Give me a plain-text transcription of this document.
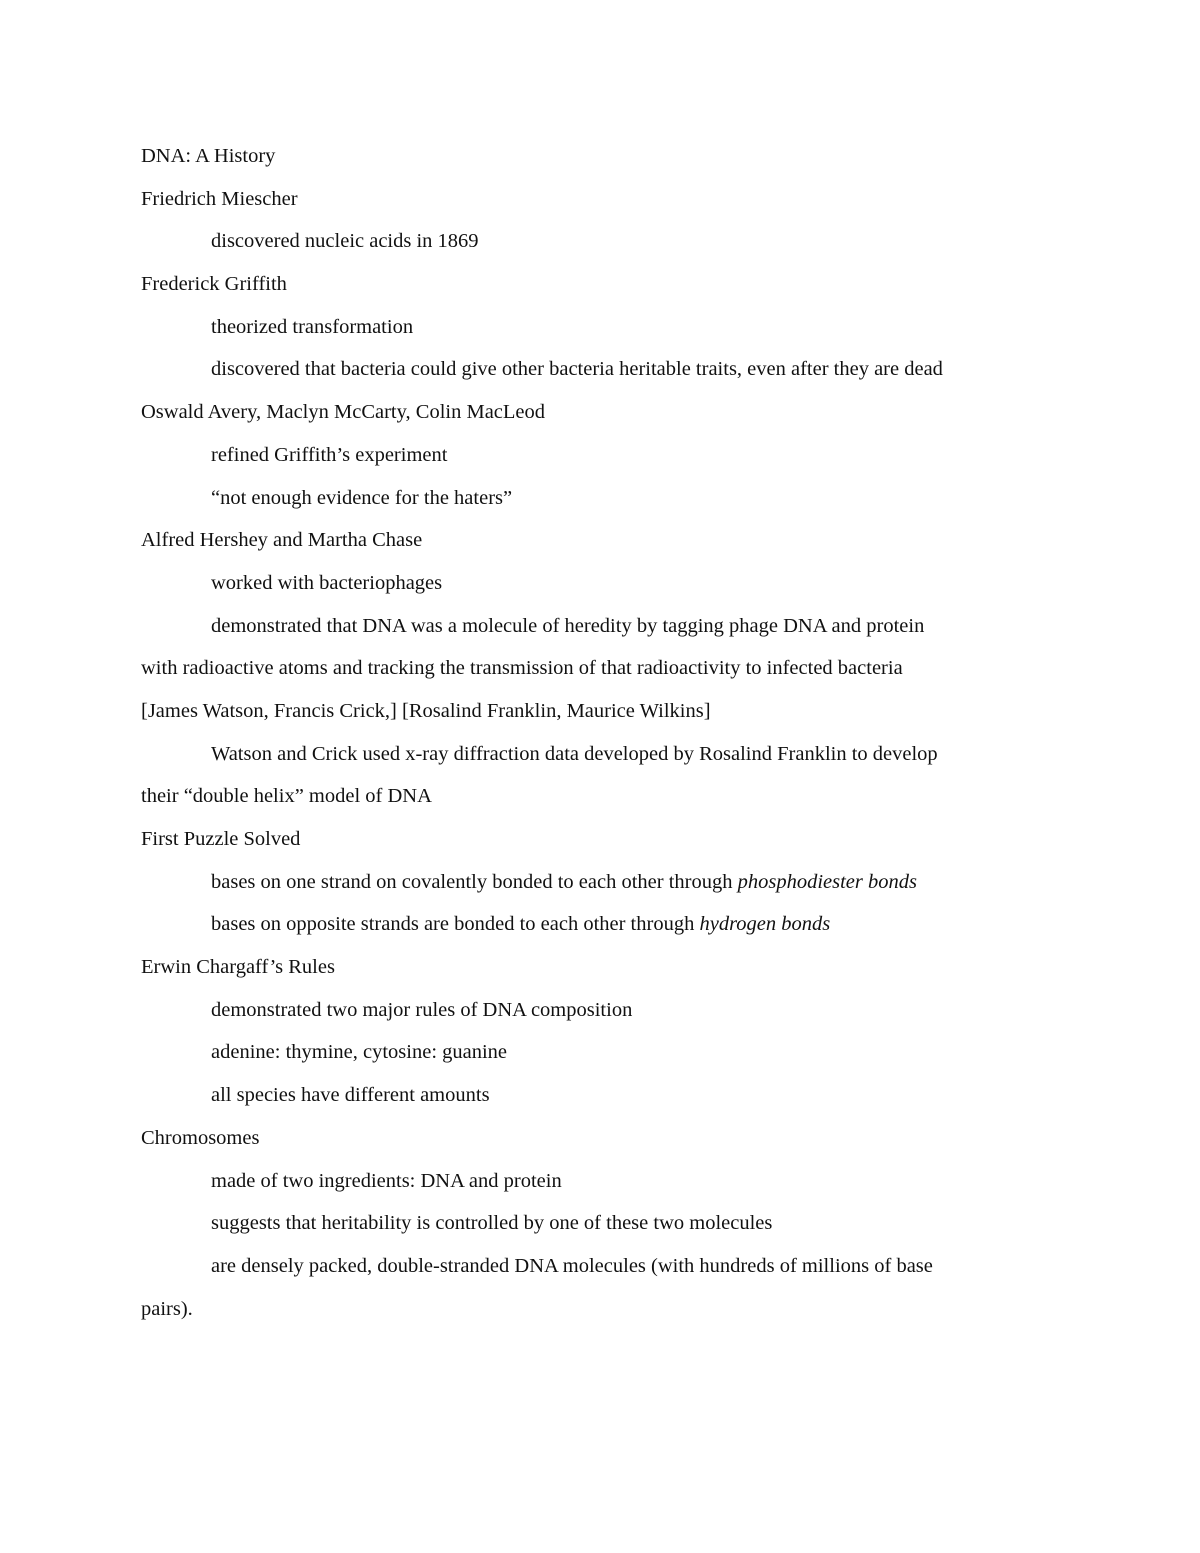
DNA: A History
Friedrich Miescher
discovered nucleic acids in 1869
Frederick Griffith
theorized transformation
discovered that bacteria could give other bacteria heritable traits, even after they are dead
Oswald Avery, Maclyn McCarty, Colin MacLeod
refined Griffith’s experiment
“not enough evidence for the haters”
Alfred Hershey and Martha Chase
worked with bacteriophages
demonstrated that DNA was a molecule of heredity by tagging phage DNA and protein
with radioactive atoms and tracking the transmission of that radioactivity to infected bacteria
[James Watson, Francis Crick,] [Rosalind Franklin, Maurice Wilkins]
Watson and Crick used x-ray diffraction data developed by Rosalind Franklin to develop
their “double helix” model of DNA
First Puzzle Solved
bases on one strand on covalently bonded to each other through phosphodiester bonds
bases on opposite strands are bonded to each other through hydrogen bonds
Erwin Chargaff’s Rules
demonstrated two major rules of DNA composition
adenine: thymine, cytosine: guanine
all species have different amounts
Chromosomes
made of two ingredients: DNA and protein
suggests that heritability is controlled by one of these two molecules
are densely packed, double-stranded DNA molecules (with hundreds of millions of base
pairs).
